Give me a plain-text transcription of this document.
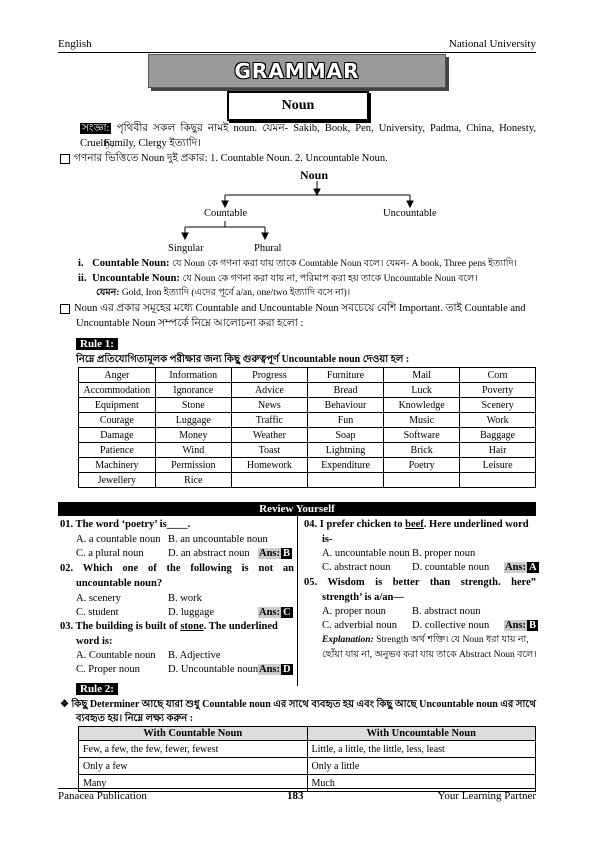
English	National University
GRAMMAR
Noun
সংজ্ঞা: পৃথিবীর সকল কিছুর নামই noun. যেমন- Sakib, Book, Pen, University, Padma, China, Honesty, Cruelty,
Family, Clergy ইত্যাদি।
গণনার ভিত্তিতে Noun দুই প্রকার: 1. Countable Noun. 2. Uncountable Noun.
Noun
Countable	Uncountable
Singular	Phural
i. Countable Noun: যে Noun কে গণনা করা যায় তাকে Countable Noun বলে। যেমন- A book, Three pens ইত্যাদি।
ii. Uncountable Noun: যে Noun কে গণনা করা যায় না, পরিমাপ করা হয় তাকে Uncountable Noun বলে।
যেমন: Gold, Iron ইত্যাদি (এদের পূর্বে a/an, one/two ইত্যাদি বসে না)।
Noun এর প্রকার সমূহের মধ্যে Countable and Uncountable Noun সবচেয়ে বেশি Important. তাই Countable and
Uncountable Noun সম্পর্কে নিম্নে আলোচনা করা হলো :
Rule 1:
নিম্নে প্রতিযোগিতামূলক পরীক্ষার জন্য কিছু গুরুত্বপূর্ণ Uncountable noun দেওয়া হল :
Anger	Information	Progress	Furniture	Mail	Corn
Accommodation	Ignorance	Advice	Bread	Luck	Poverty
Equipment	Stone	News	Behaviour	Knowledge	Scenery
Courage	Luggage	Traffic	Fun	Music	Work
Damage	Money	Weather	Soap	Software	Baggage
Patience	Wind	Toast	Lightning	Brick	Hair
Machinery	Permission	Homework	Expenditure	Poetry	Leisure
Jewellery	Rice				
Review Yourself
01. The word ‘poetry’ is____.
A. a countable noun B. an uncountable noun
C. a plural noun D. an abstract noun Ans: B
02. Which one of the following is not an
uncountable noun?
A. scenery	B. work
C. student	D. luggage	Ans: C
03. The building is built of stone. The underlined
word is:
A. Countable noun B. Adjective
C. Proper noun	D. Uncountable noun Ans: D
04. I prefer chicken to beef. Here underlined word
is-
A. uncountable noun B. proper noun
C. abstract noun D. countable noun Ans: A
05. Wisdom is better than strength. here”
strength’ is a/an—
A. proper noun B. abstract noun
C. adverbial noun D. collective noun Ans: B
Explanation: Strength অর্থ শক্তি। যে Noun ধরা যায় না,
ছোঁয়া যায় না, অনুভব করা যায় তাকে Abstract Noun বলে।
Rule 2:
❖ কিছু Determiner আছে যারা শুধু Countable noun এর সাথে ব্যবহৃত হয় এবং কিছু আছে Uncountable noun এর সাথে
ব্যবহৃত হয়। নিম্নে লক্ষ্য করুন :
With Countable Noun	With Uncountable Noun
Few, a few, the few, fewer, fewest	Little, a little, the little, less, least
Only a few	Only a little
Many	Much
Panacea Publication	183	Your Learning Partner
